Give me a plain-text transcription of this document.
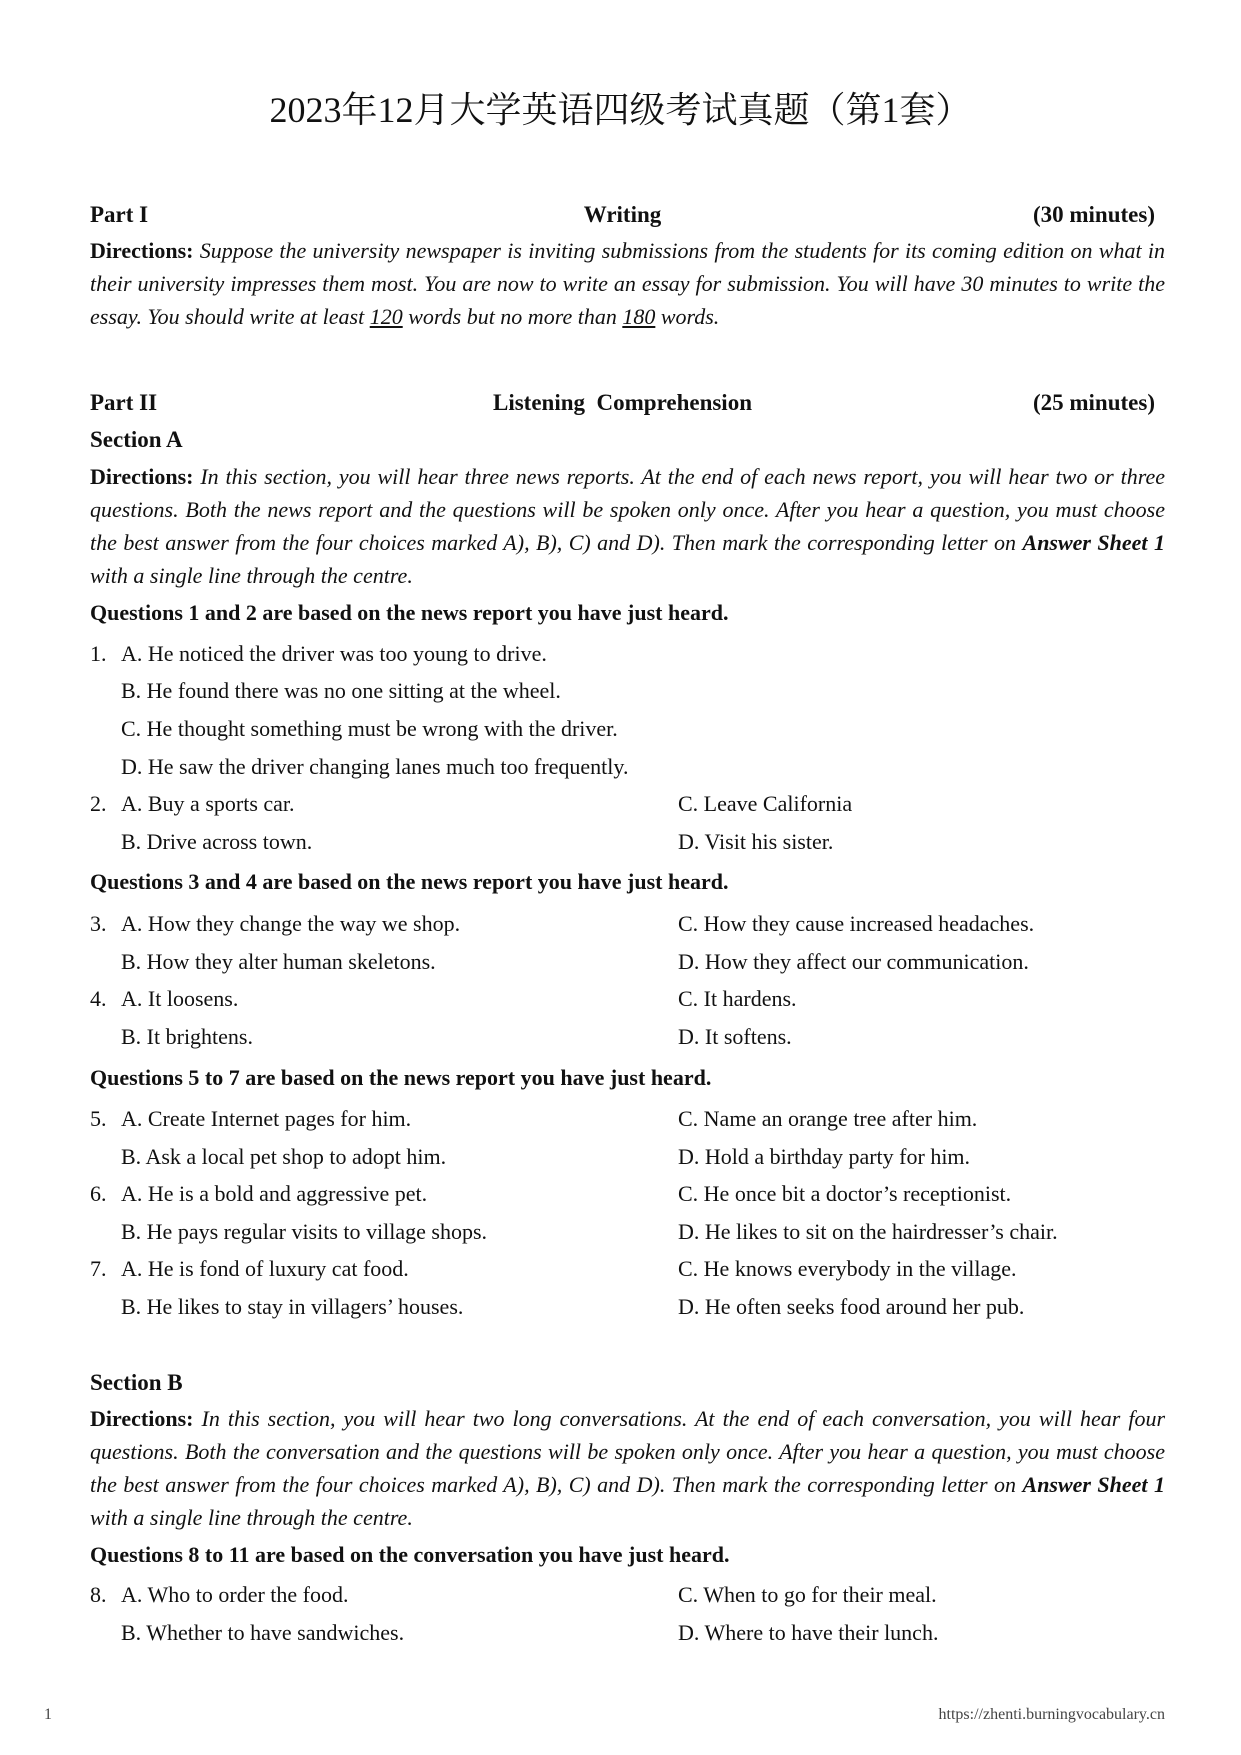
2023年12月大学英语四级考试真题（第1套）
Part I	Writing	(30 minutes)
Directions: Suppose the university newspaper is inviting submissions from the students for its coming edition on what in their university impresses them most. You are now to write an essay for submission. You will have 30 minutes to write the essay. You should write at least 120 words but no more than 180 words.
Part II	Listening  Comprehension	(25 minutes)
Section A
Directions: In this section, you will hear three news reports. At the end of each news report, you will hear two or three questions. Both the news report and the questions will be spoken only once. After you hear a question, you must choose the best answer from the four choices marked A), B), C) and D). Then mark the corresponding letter on Answer Sheet 1 with a single line through the centre.
Questions 1 and 2 are based on the news report you have just heard.
1. A. He noticed the driver was too young to drive.
B. He found there was no one sitting at the wheel.
C. He thought something must be wrong with the driver.
D. He saw the driver changing lanes much too frequently.
2. A. Buy a sports car.	C. Leave California
B. Drive across town.	D. Visit his sister.
Questions 3 and 4 are based on the news report you have just heard.
3. A. How they change the way we shop.	C. How they cause increased headaches.
B. How they alter human skeletons.	D. How they affect our communication.
4. A. It loosens.	C. It hardens.
B. It brightens.	D. It softens.
Questions 5 to 7 are based on the news report you have just heard.
5. A. Create Internet pages for him.	C. Name an orange tree after him.
B. Ask a local pet shop to adopt him.	D. Hold a birthday party for him.
6. A. He is a bold and aggressive pet.	C. He once bit a doctor’s receptionist.
B. He pays regular visits to village shops.	D. He likes to sit on the hairdresser’s chair.
7. A. He is fond of luxury cat food.	C. He knows everybody in the village.
B. He likes to stay in villagers’ houses.	D. He often seeks food around her pub.
Section B
Directions: In this section, you will hear two long conversations. At the end of each conversation, you will hear four questions. Both the conversation and the questions will be spoken only once. After you hear a question, you must choose the best answer from the four choices marked A), B), C) and D). Then mark the corresponding letter on Answer Sheet 1 with a single line through the centre.
Questions 8 to 11 are based on the conversation you have just heard.
8. A. Who to order the food.	C. When to go for their meal.
B. Whether to have sandwiches.	D. Where to have their lunch.
1	https://zhenti.burningvocabulary.cn
